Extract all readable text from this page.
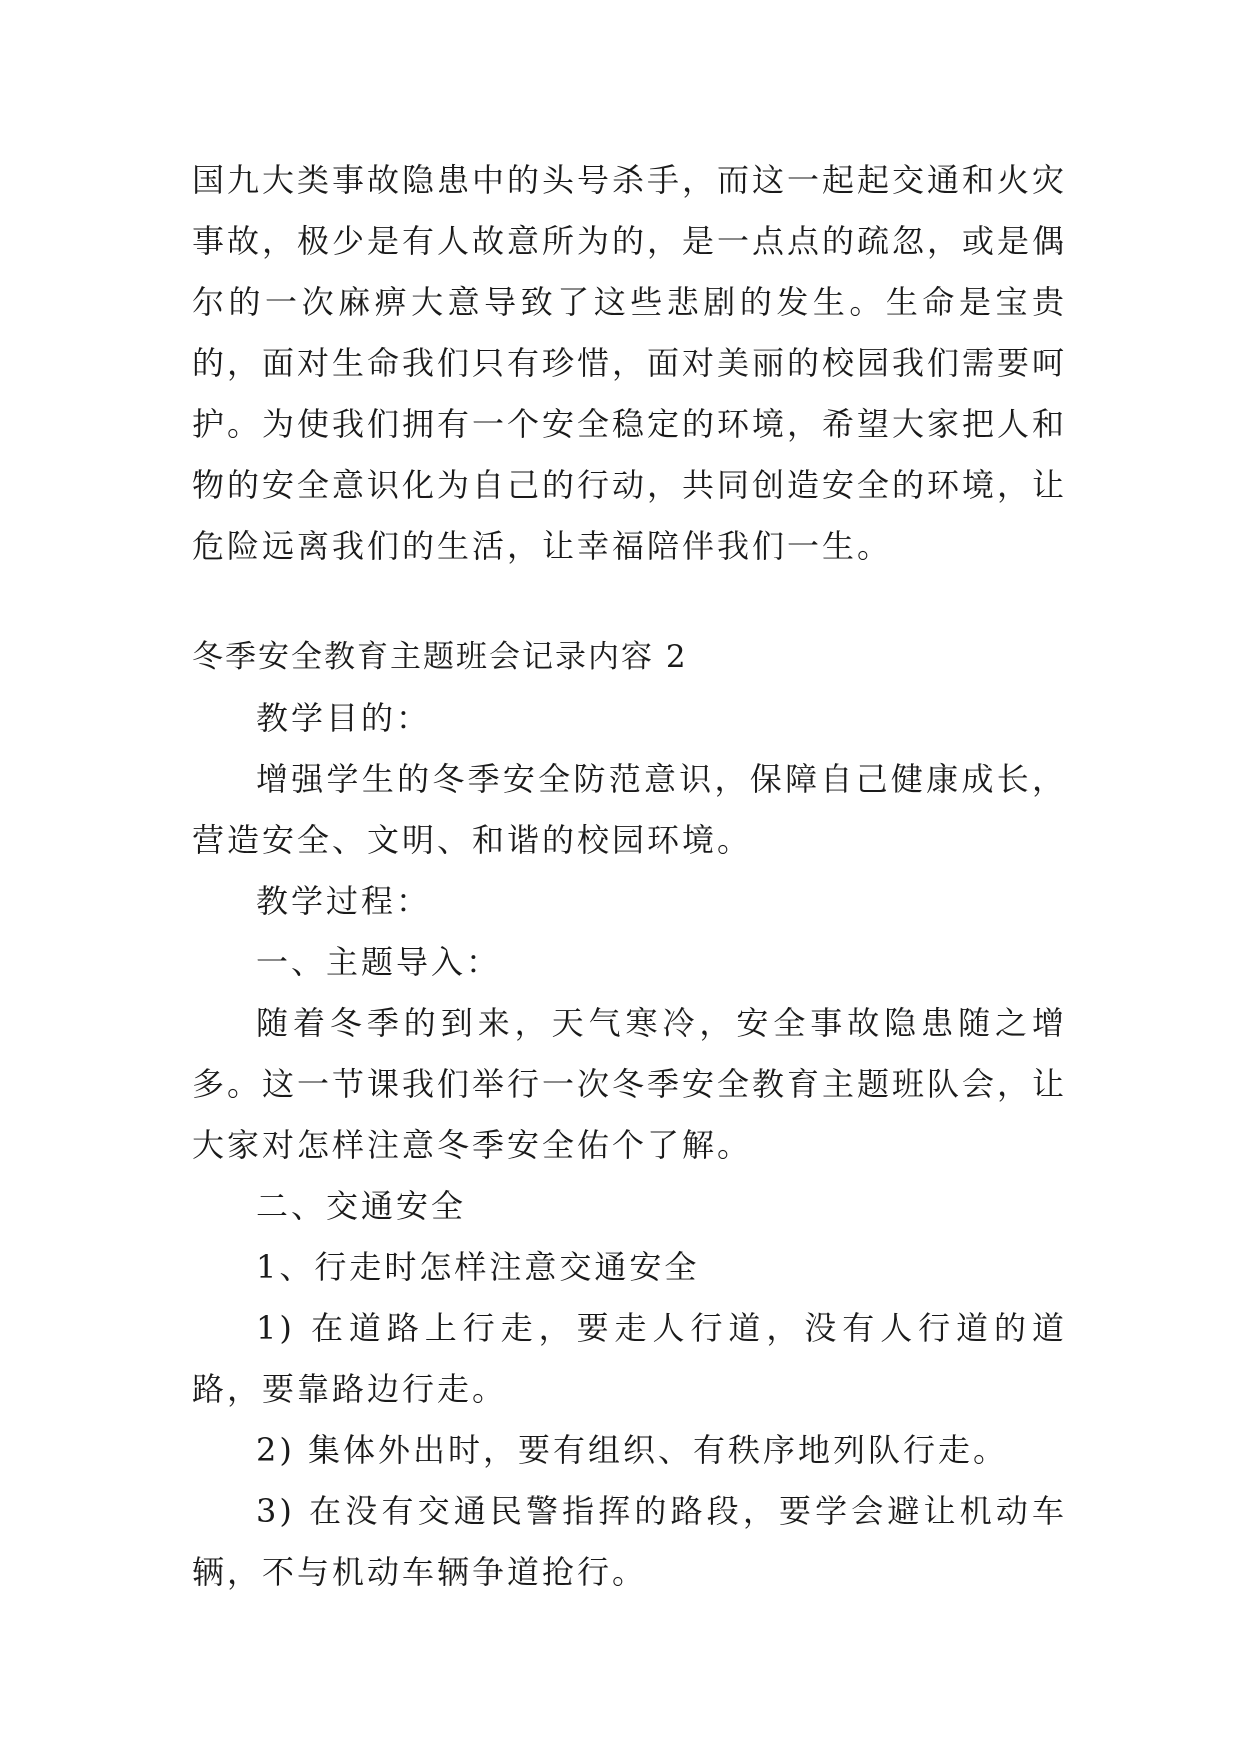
国九大类事故隐患中的头号杀手，而这一起起交通和火灾事故，极少是有人故意所为的，是一点点的疏忽，或是偶尔的一次麻痹大意导致了这些悲剧的发生。生命是宝贵的，面对生命我们只有珍惜，面对美丽的校园我们需要呵护。为使我们拥有一个安全稳定的环境，希望大家把人和物的安全意识化为自己的行动，共同创造安全的环境，让危险远离我们的生活，让幸福陪伴我们一生。

冬季安全教育主题班会记录内容 2

教学目的：

增强学生的冬季安全防范意识，保障自己健康成长，营造安全、文明、和谐的校园环境。

教学过程：

一、主题导入：

随着冬季的到来，天气寒冷，安全事故隐患随之增多。这一节课我们举行一次冬季安全教育主题班队会，让大家对怎样注意冬季安全佑个了解。

二、交通安全

1、行走时怎样注意交通安全

1) 在道路上行走，要走人行道，没有人行道的道路，要靠路边行走。

2) 集体外出时，要有组织、有秩序地列队行走。

3) 在没有交通民警指挥的路段，要学会避让机动车辆，不与机动车辆争道抢行。
